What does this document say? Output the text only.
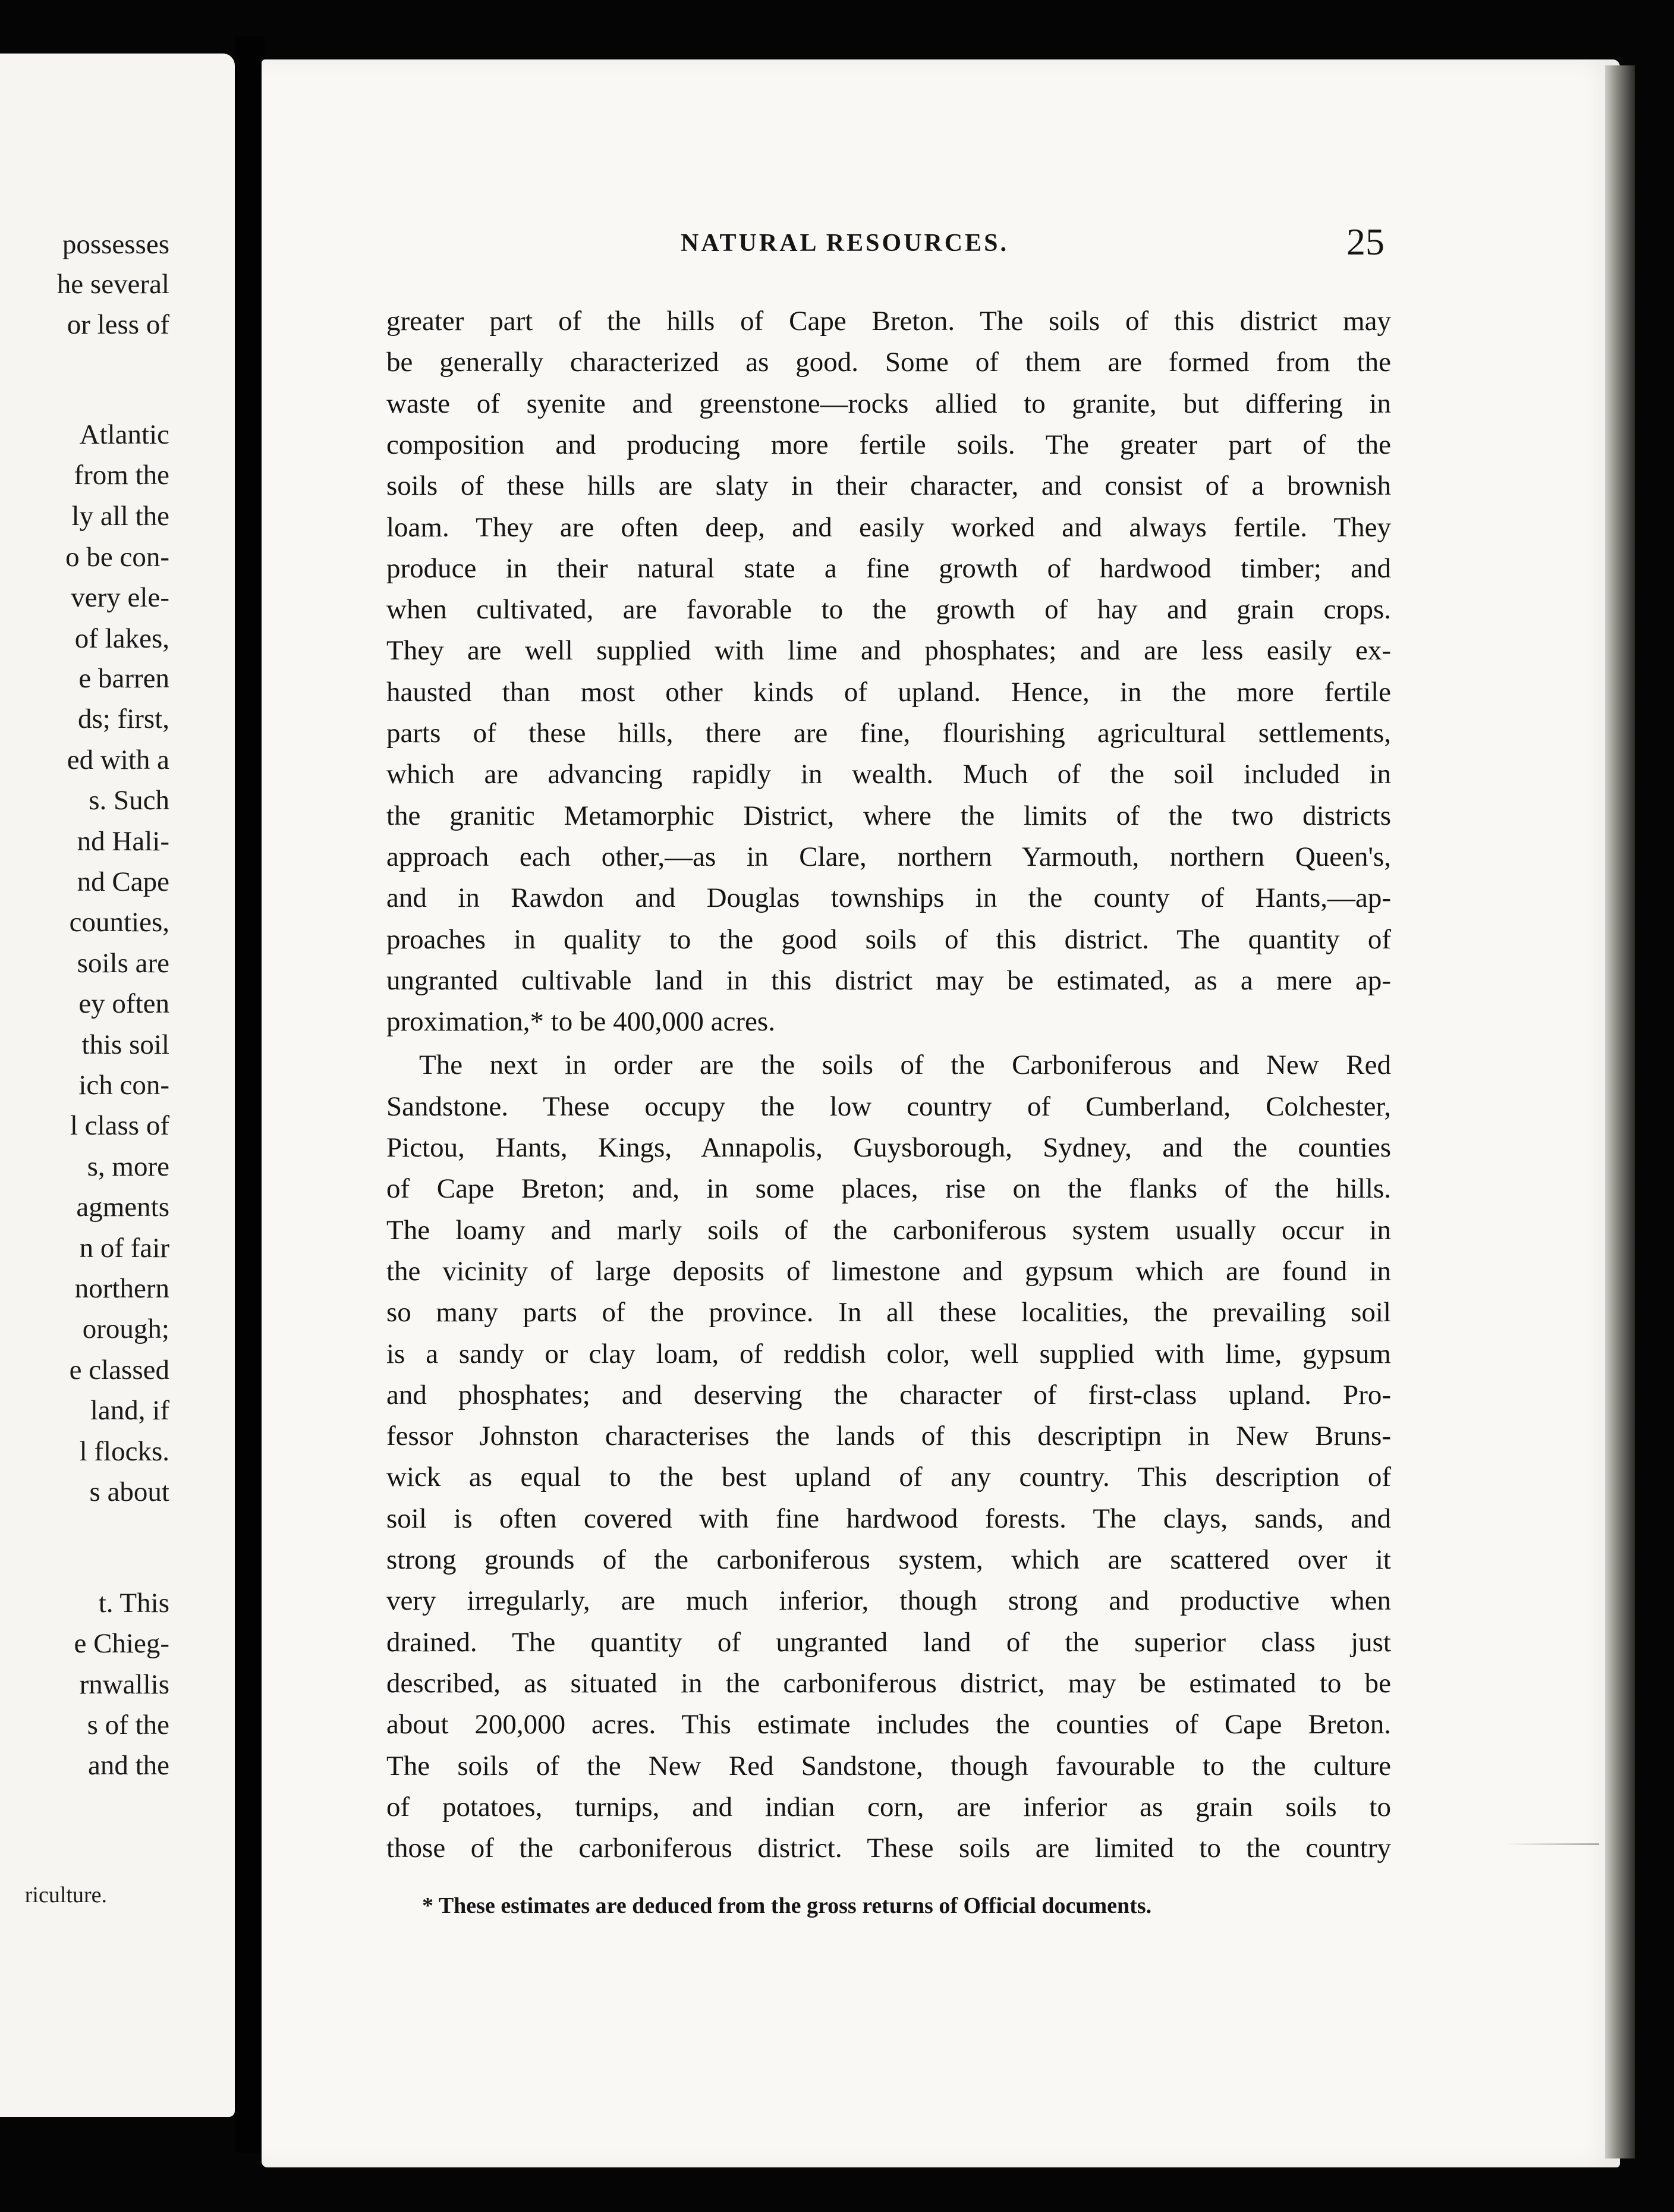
possesses
he several
or less of
Atlantic
from the
ly all the
o be con-
very ele-
of lakes,
e barren
ds; first,
ed with a
s. Such
nd Hali-
nd Cape
counties,
soils are
ey often
this soil
ich con-
l class of
s, more
agments
n of fair
northern
orough;
e classed
land, if
l flocks.
s about
t. This
e Chieg-
rnwallis
s of the
and the
riculture.
NATURAL RESOURCES.	25
greater part of the hills of Cape Breton. The soils of this district may
be generally characterized as good. Some of them are formed from the
waste of syenite and greenstone—rocks allied to granite, but differing in
composition and producing more fertile soils. The greater part of the
soils of these hills are slaty in their character, and consist of a brownish
loam. They are often deep, and easily worked and always fertile. They
produce in their natural state a fine growth of hardwood timber; and
when cultivated, are favorable to the growth of hay and grain crops.
They are well supplied with lime and phosphates; and are less easily ex-
hausted than most other kinds of upland. Hence, in the more fertile
parts of these hills, there are fine, flourishing agricultural settlements,
which are advancing rapidly in wealth. Much of the soil included in
the granitic Metamorphic District, where the limits of the two districts
approach each other,—as in Clare, northern Yarmouth, northern Queen's,
and in Rawdon and Douglas townships in the county of Hants,—ap-
proaches in quality to the good soils of this district. The quantity of
ungranted cultivable land in this district may be estimated, as a mere ap-
proximation,* to be 400,000 acres.
The next in order are the soils of the Carboniferous and New Red
Sandstone. These occupy the low country of Cumberland, Colchester,
Pictou, Hants, Kings, Annapolis, Guysborough, Sydney, and the counties
of Cape Breton; and, in some places, rise on the flanks of the hills.
The loamy and marly soils of the carboniferous system usually occur in
the vicinity of large deposits of limestone and gypsum which are found in
so many parts of the province. In all these localities, the prevailing soil
is a sandy or clay loam, of reddish color, well supplied with lime, gypsum
and phosphates; and deserving the character of first-class upland. Pro-
fessor Johnston characterises the lands of this descriptipn in New Bruns-
wick as equal to the best upland of any country. This description of
soil is often covered with fine hardwood forests. The clays, sands, and
strong grounds of the carboniferous system, which are scattered over it
very irregularly, are much inferior, though strong and productive when
drained. The quantity of ungranted land of the superior class just
described, as situated in the carboniferous district, may be estimated to be
about 200,000 acres. This estimate includes the counties of Cape Breton.
The soils of the New Red Sandstone, though favourable to the culture
of potatoes, turnips, and indian corn, are inferior as grain soils to
those of the carboniferous district. These soils are limited to the country
* These estimates are deduced from the gross returns of Official documents.
